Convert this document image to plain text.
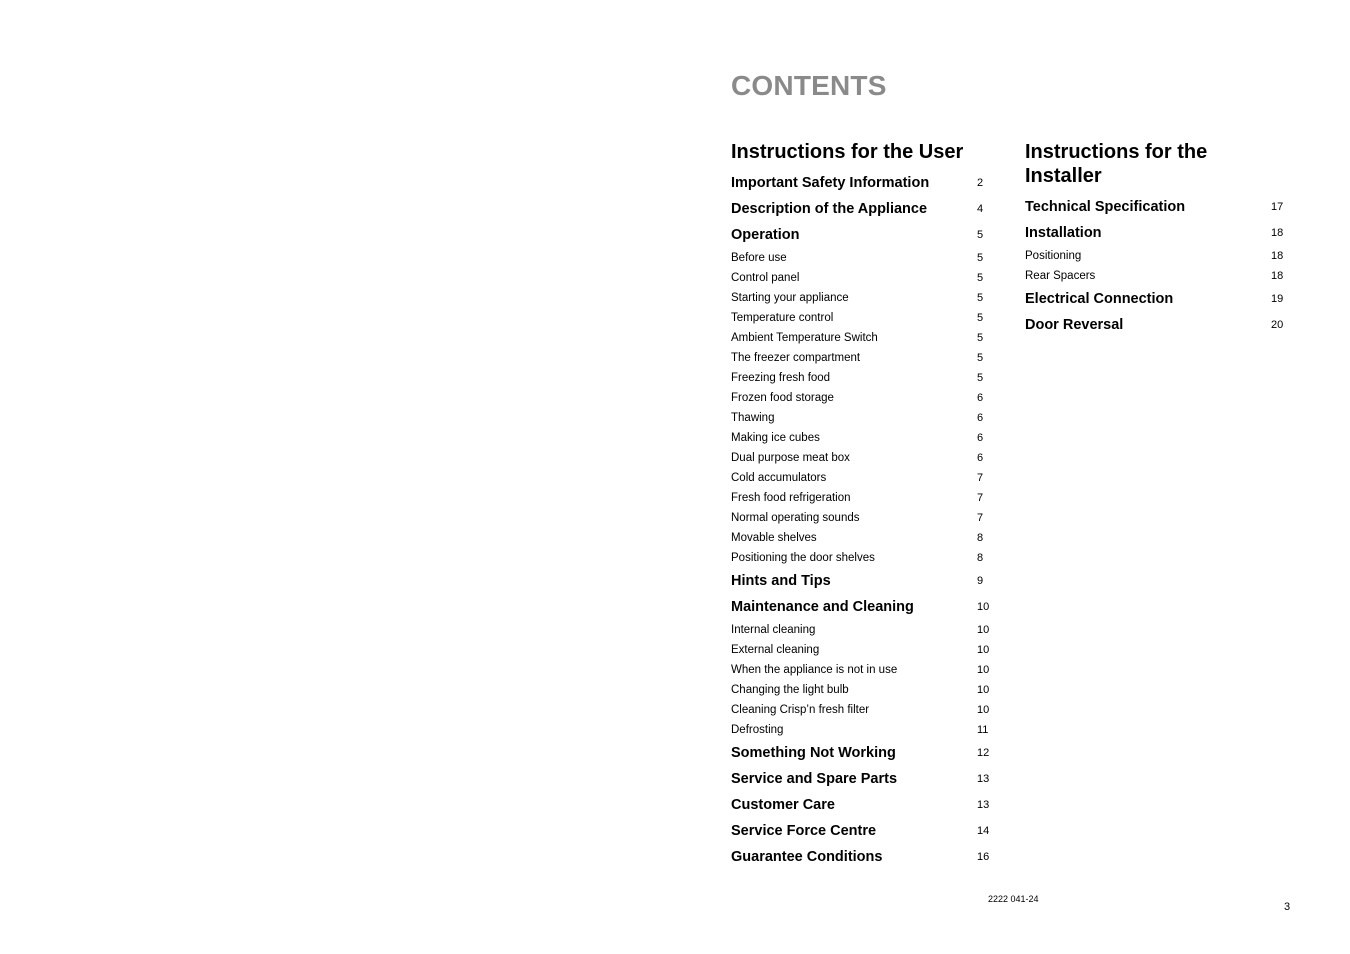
CONTENTS
Instructions for the User
Important Safety Information	2
Description of the Appliance	4
Operation	5
Before use	5
Control panel	5
Starting your appliance	5
Temperature control	5
Ambient Temperature Switch	5
The freezer compartment	5
Freezing fresh food	5
Frozen food storage	6
Thawing	6
Making ice cubes	6
Dual purpose meat box	6
Cold accumulators	7
Fresh food refrigeration	7
Normal operating sounds	7
Movable shelves	8
Positioning the door shelves	8
Hints and Tips	9
Maintenance and Cleaning	10
Internal cleaning	10
External cleaning	10
When the appliance is not in use	10
Changing the light bulb	10
Cleaning Crisp’n fresh filter	10
Defrosting	11
Something Not Working	12
Service and Spare Parts	13
Customer Care	13
Service Force Centre	14
Guarantee Conditions	16
Instructions for the Installer
Technical Specification	17
Installation	18
Positioning	18
Rear Spacers	18
Electrical Connection	19
Door Reversal	20
2222 041-24
3
